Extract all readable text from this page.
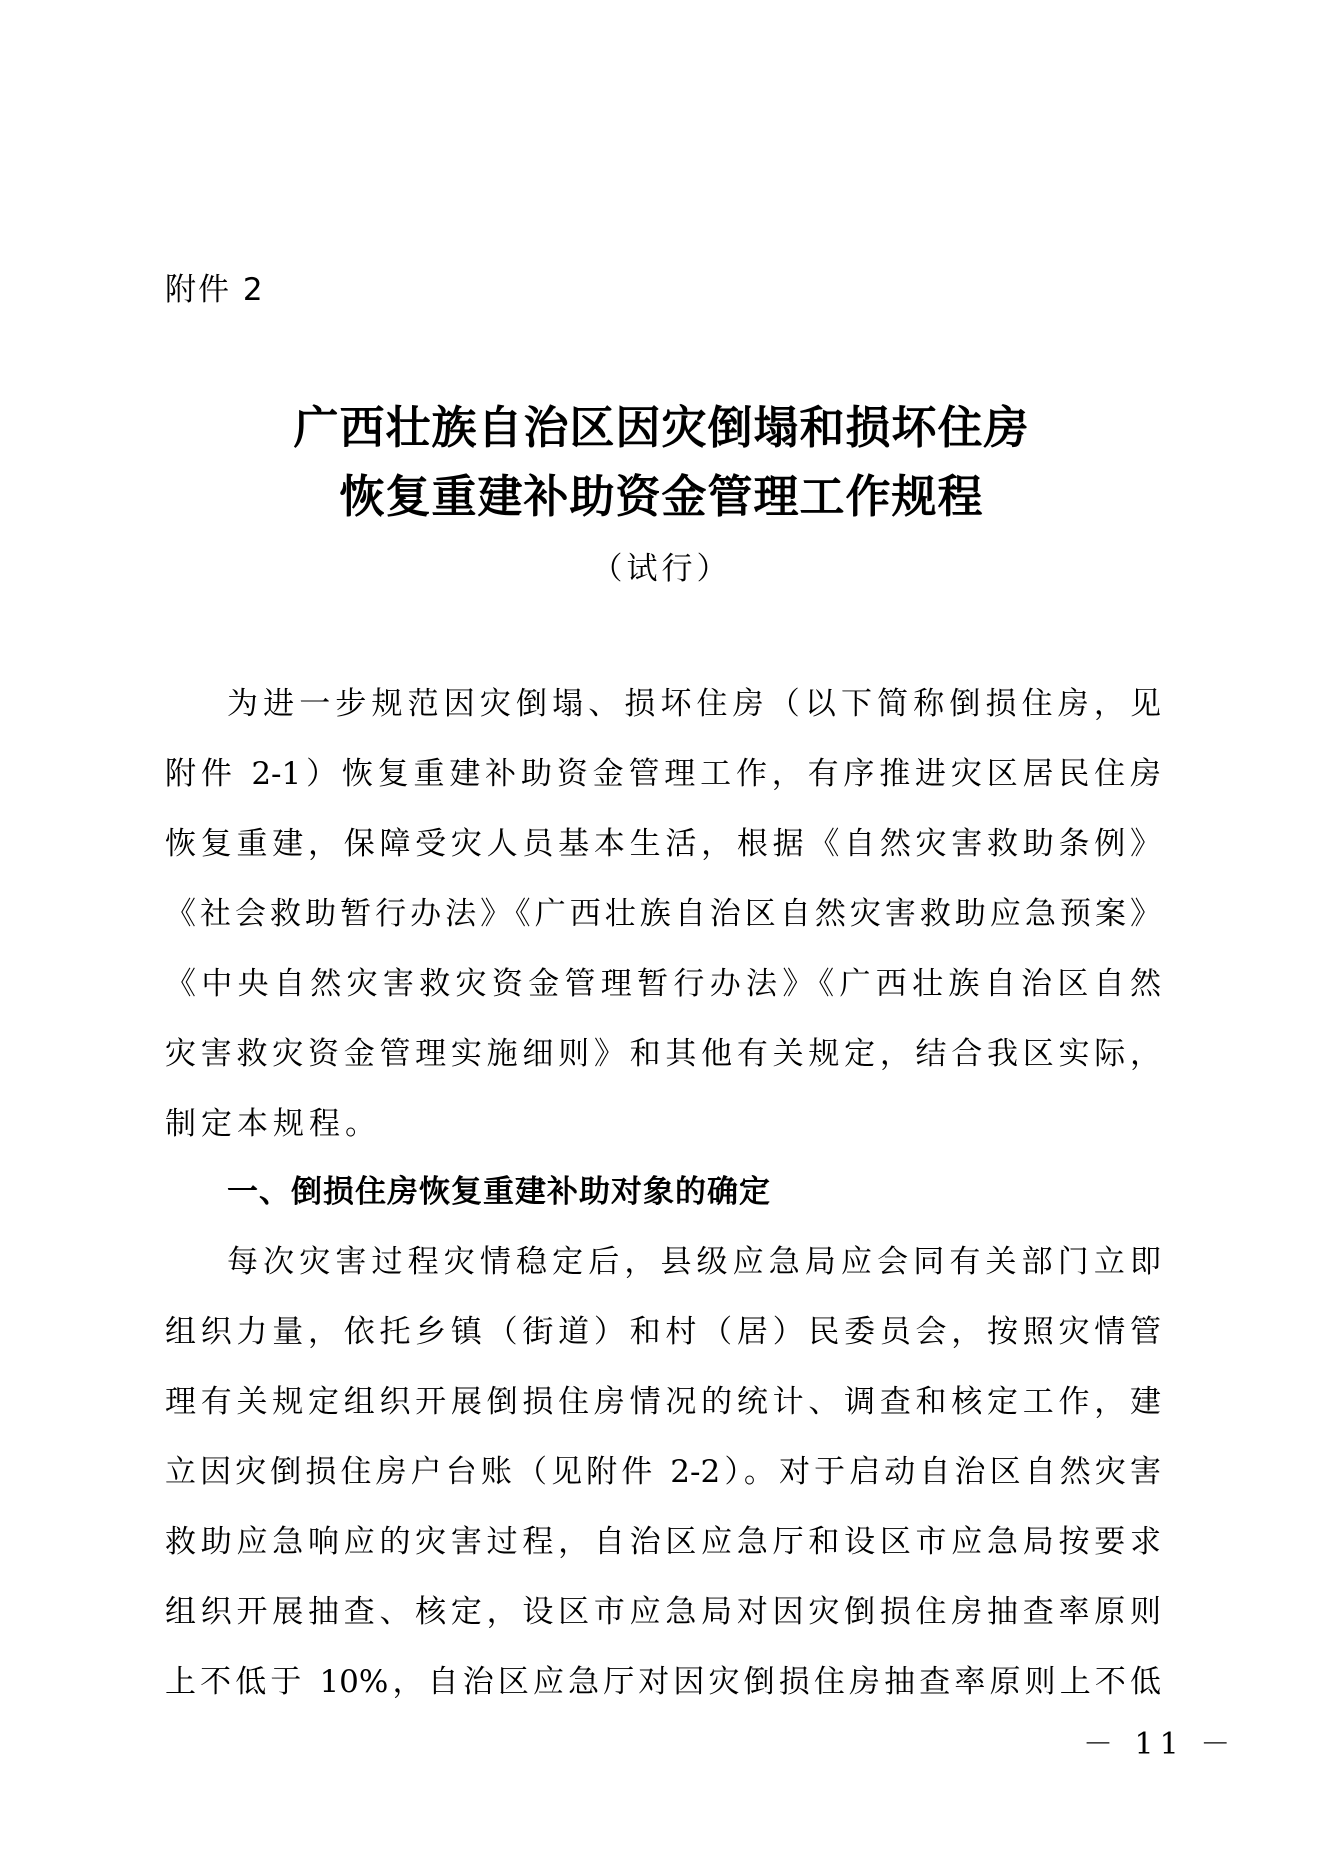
附件 2
广西壮族自治区因灾倒塌和损坏住房
恢复重建补助资金管理工作规程
（试行）
为进一步规范因灾倒塌、损坏住房（以下简称倒损住房，见
附件 2-1）恢复重建补助资金管理工作，有序推进灾区居民住房
恢复重建，保障受灾人员基本生活，根据《自然灾害救助条例》
《社会救助暂行办法》《广西壮族自治区自然灾害救助应急预案》
《中央自然灾害救灾资金管理暂行办法》《广西壮族自治区自然
灾害救灾资金管理实施细则》和其他有关规定，结合我区实际，
制定本规程。
一、倒损住房恢复重建补助对象的确定
每次灾害过程灾情稳定后，县级应急局应会同有关部门立即
组织力量，依托乡镇（街道）和村（居）民委员会，按照灾情管
理有关规定组织开展倒损住房情况的统计、调查和核定工作，建
立因灾倒损住房户台账（见附件 2-2）。对于启动自治区自然灾害
救助应急响应的灾害过程，自治区应急厅和设区市应急局按要求
组织开展抽查、核定，设区市应急局对因灾倒损住房抽查率原则
上不低于 10%，自治区应急厅对因灾倒损住房抽查率原则上不低
－ 11 －
